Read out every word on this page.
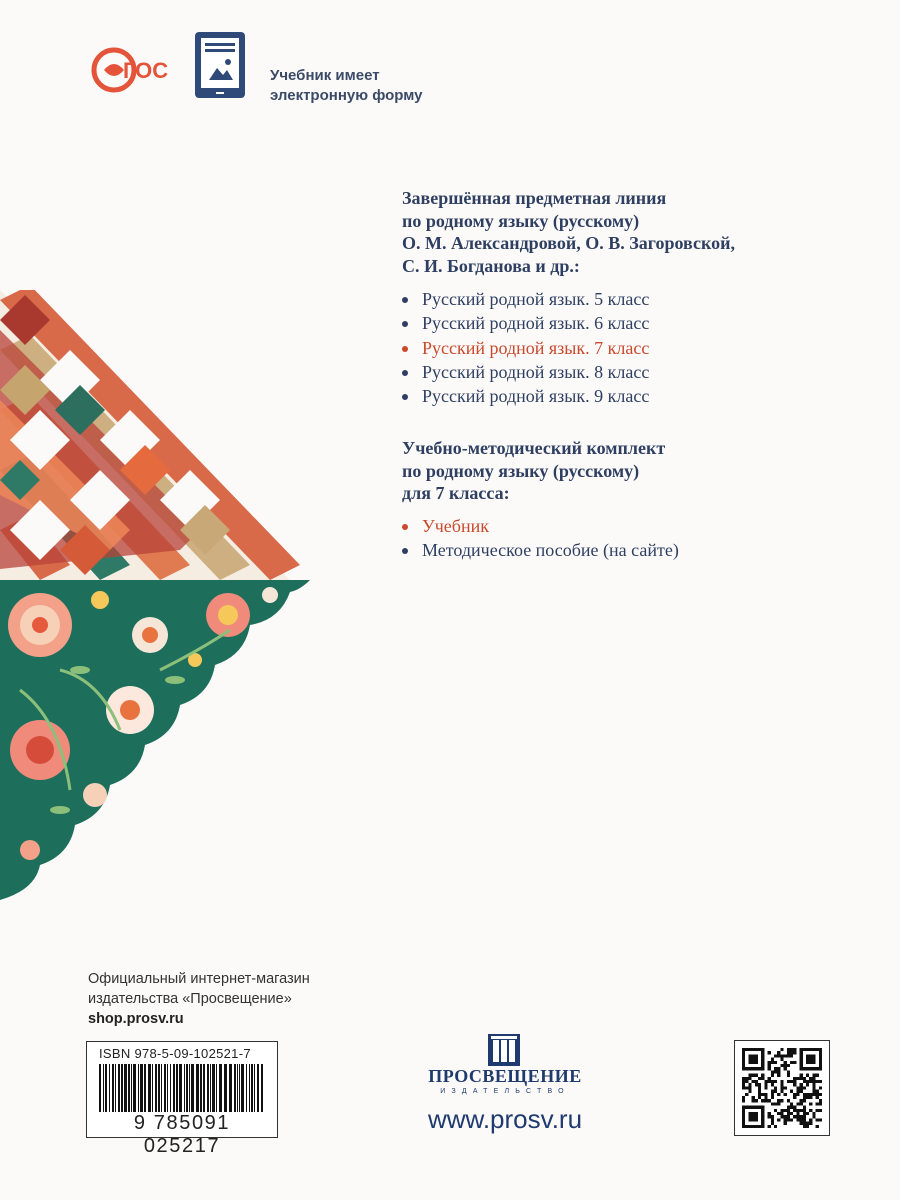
ГОС	Учебник имеет
электронную форму

Завершённая предметная линия

по родному языку (русскому)

О. М. Александровой, О. В. Загоровской,

С. И. Богданова и др.:

Русский родной язык. 5 класс
Русский родной язык. 6 класс
Русский родной язык. 7 класс
Русский родной язык. 8 класс
Русский родной язык. 9 класс

Учебно-методический комплект

по родному языку (русскому)

для 7 класса:

Учебник
Методическое пособие (на сайте)
Официальный интернет-магазин
издательства «Просвещение»
shop.prosv.ru
ISBN 978-5-09-102521-7
9 785091 025217
ПРОСВЕЩЕНИЕ
ИЗДАТЕЛЬСТВО
www.prosv.ru
